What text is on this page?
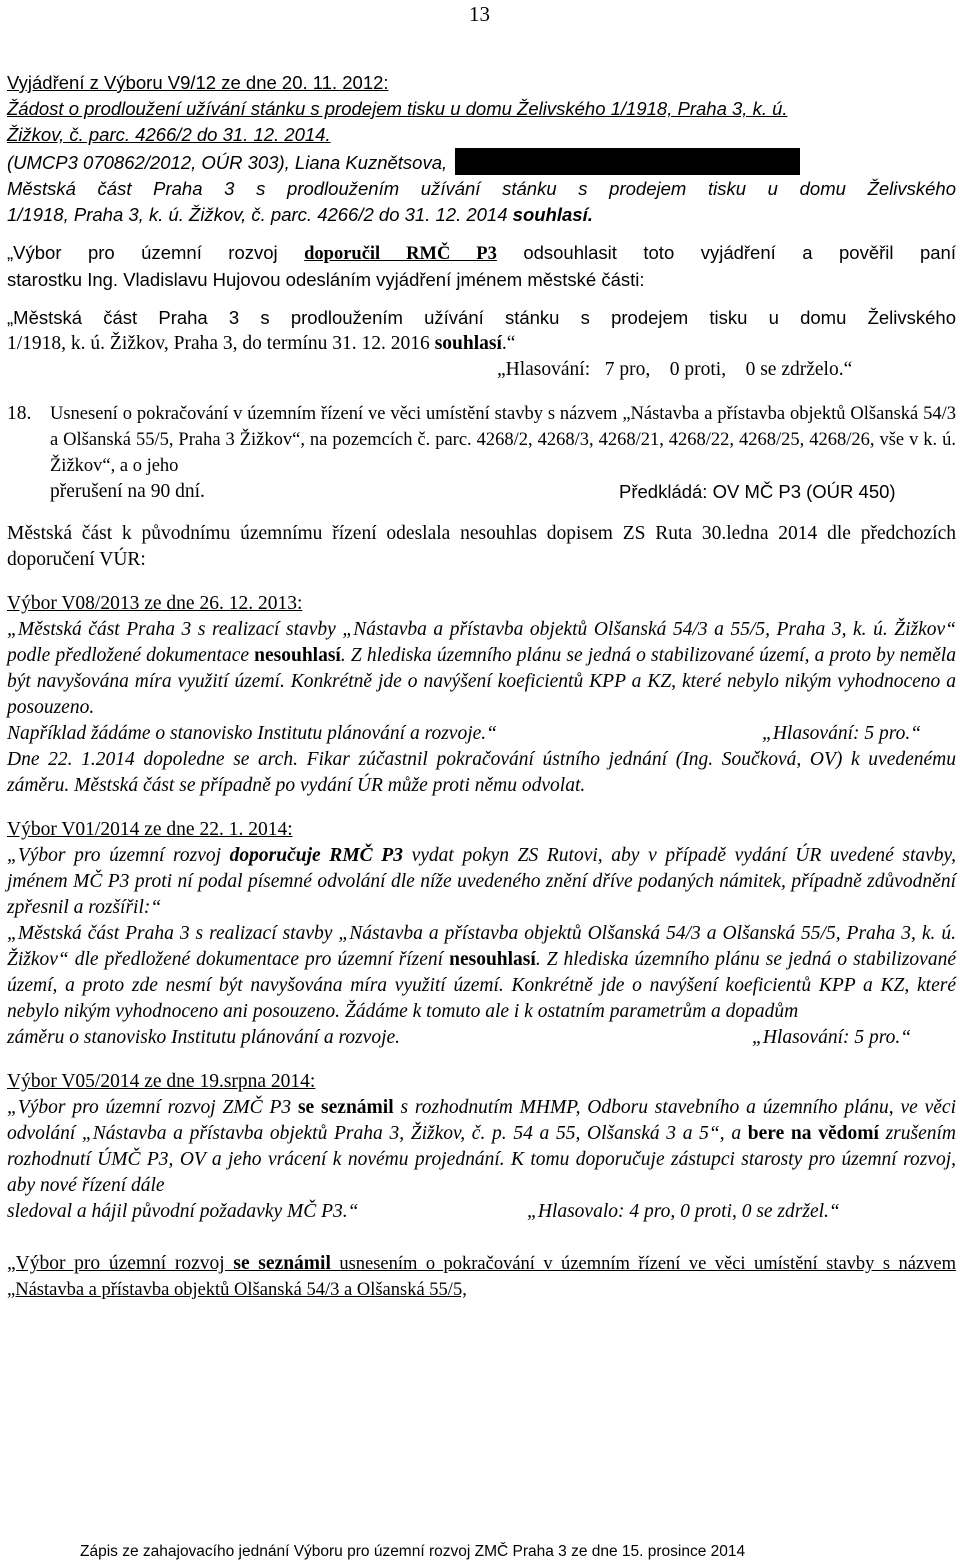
13

Vyjádření z Výboru V9/12 ze dne 20. 11. 2012:

Žádost o prodloužení užívání stánku s prodejem tisku u domu Želivského 1/1918, Praha 3, k. ú.

Žižkov, č. parc. 4266/2 do 31. 12. 2014.

(UMCP3 070862/2012, OÚR 303), Liana Kuznětsova,

Městská část Praha 3 s prodloužením užívání stánku s prodejem tisku u domu Želivského

1/1918, Praha 3, k. ú. Žižkov, č. parc. 4266/2 do 31. 12. 2014 souhlasí.

„Výbor pro územní rozvoj doporučil RMČ P3 odsouhlasit toto vyjádření a pověřil paní

starostku Ing. Vladislavu Hujovou odesláním vyjádření jménem městské části:

„Městská část Praha 3 s prodloužením užívání stánku s prodejem tisku u domu Želivského

1/1918, k. ú. Žižkov, Praha 3, do termínu 31. 12. 2016 souhlasí.“

„Hlasování:   7 pro,    0 proti,    0 se zdrželo.“

18. Usnesení o pokračování v územním řízení ve věci umístění stavby s názvem „Nástavba a přístavba objektů Olšanská 54/3 a Olšanská 55/5, Praha 3 Žižkov“, na pozemcích č. parc. 4268/2, 4268/3, 4268/21, 4268/22, 4268/25, 4268/26, vše v k. ú. Žižkov“, a o jeho

přerušení na 90 dní.	Předkládá: OV MČ P3 (OÚR 450)

Městská část k původnímu územnímu řízení odeslala nesouhlas dopisem ZS Ruta 30.ledna 2014 dle předchozích doporučení VÚR:

Výbor V08/2013 ze dne 26. 12. 2013:

„Městská část Praha 3 s realizací stavby „Nástavba a přístavba objektů Olšanská 54/3 a 55/5, Praha 3, k. ú. Žižkov“ podle předložené dokumentace nesouhlasí. Z hlediska územního plánu se jedná o stabilizované území, a proto by neměla být navyšována míra využití území. Konkrétně jde o navýšení koeficientů KPP a KZ, které nebylo nikým vyhodnoceno a posouzeno.

Například žádáme o stanovisko Institutu plánování a rozvoje.“	„Hlasování: 5 pro.“

Dne 22. 1.2014 dopoledne se arch. Fikar zúčastnil pokračování ústního jednání (Ing. Součková, OV) k uvedenému záměru. Městská část se případně po vydání ÚR může proti němu odvolat.

Výbor V01/2014 ze dne 22. 1. 2014:

„Výbor pro územní rozvoj doporučuje RMČ P3 vydat pokyn ZS Rutovi, aby v případě vydání ÚR uvedené stavby, jménem MČ P3 proti ní podal písemné odvolání dle níže uvedeného znění dříve podaných námitek, případně zdůvodnění zpřesnil a rozšířil:“

„Městská část Praha 3 s realizací stavby „Nástavba a přístavba objektů Olšanská 54/3 a Olšanská 55/5, Praha 3, k. ú. Žižkov“ dle předložené dokumentace pro územní řízení nesouhlasí. Z hlediska územního plánu se jedná o stabilizované území, a proto zde nesmí být navyšována míra využití území. Konkrétně jde o navýšení koeficientů KPP a KZ, které nebylo nikým vyhodnoceno ani posouzeno. Žádáme k tomuto ale i k ostatním parametrům a dopadům

záměru o stanovisko Institutu plánování a rozvoje.	„Hlasování: 5 pro.“

Výbor V05/2014 ze dne 19.srpna 2014:

„Výbor pro územní rozvoj ZMČ P3 se seznámil s rozhodnutím MHMP, Odboru stavebního a územního plánu, ve věci odvolání „Nástavba a přístavba objektů Praha 3, Žižkov, č. p. 54 a 55, Olšanská 3 a 5“, a bere na vědomí zrušením rozhodnutí ÚMČ P3, OV a jeho vrácení k novému projednání. K tomu doporučuje zástupci starosty pro územní rozvoj, aby nové řízení dále

sledoval a hájil původní požadavky MČ P3.“	„Hlasovalo: 4 pro, 0 proti, 0 se zdržel.“

„Výbor pro územní rozvoj se seznámil usnesením o pokračování v územním řízení ve věci umístění stavby s názvem „Nástavba a přístavba objektů Olšanská 54/3 a Olšanská 55/5,

Zápis ze zahajovacího jednání Výboru pro územní rozvoj ZMČ Praha 3 ze dne 15. prosince 2014
